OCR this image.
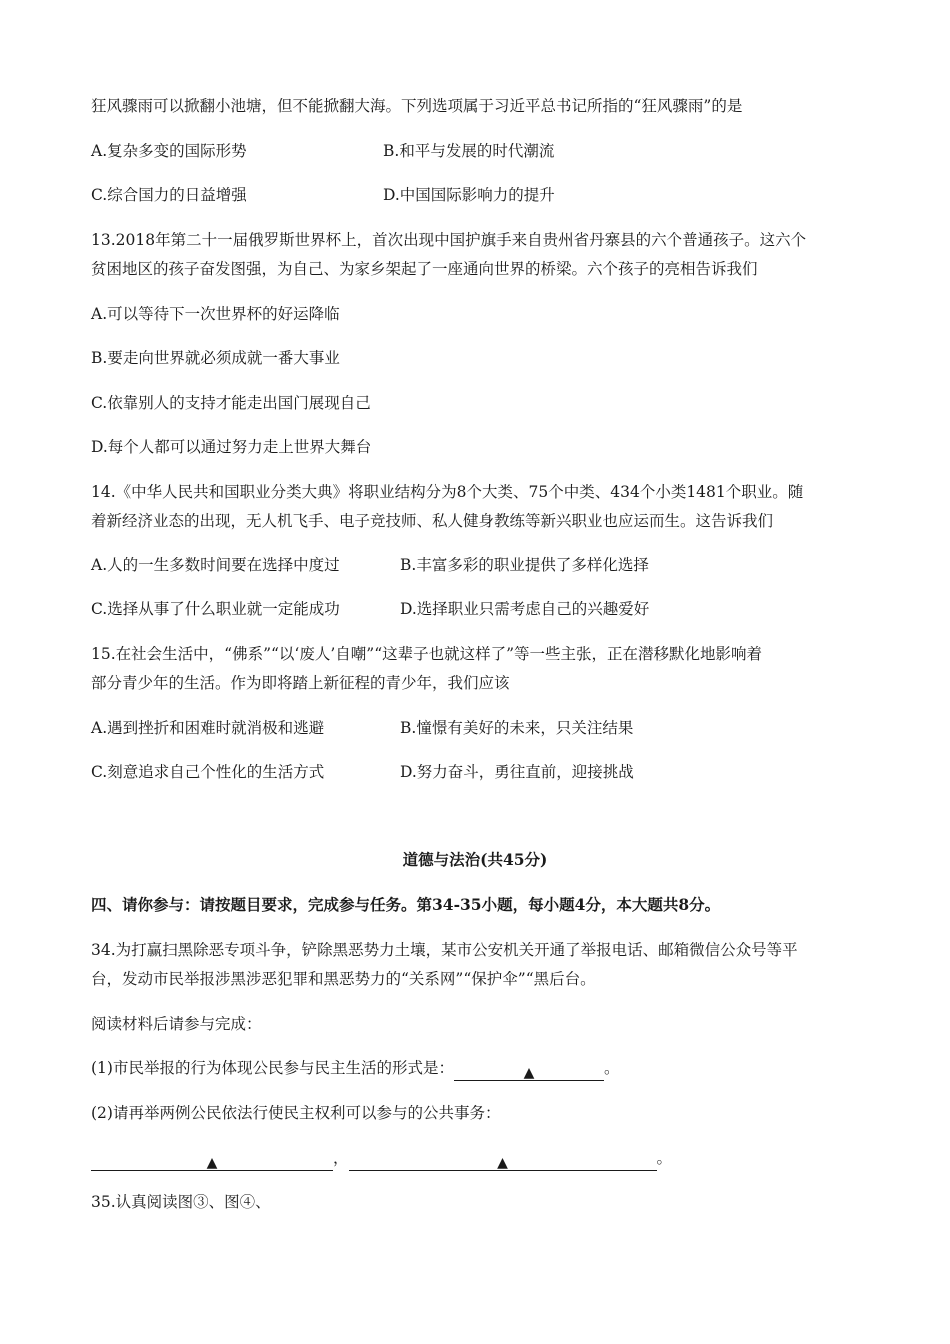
狂风骤雨可以掀翻小池塘，但不能掀翻大海。下列选项属于习近平总书记所指的“狂风骤雨”的是
A.复杂多变的国际形势	B.和平与发展的时代潮流
C.综合国力的日益增强	D.中国国际影响力的提升
13.2018年第二十一届俄罗斯世界杯上，首次出现中国护旗手来自贵州省丹寨县的六个普通孩子。这六个
贫困地区的孩子奋发图强，为自己、为家乡架起了一座通向世界的桥梁。六个孩子的亮相告诉我们
A.可以等待下一次世界杯的好运降临
B.要走向世界就必须成就一番大事业
C.依靠别人的支持才能走出国门展现自己
D.每个人都可以通过努力走上世界大舞台
14.《中华人民共和国职业分类大典》将职业结构分为8个大类、75个中类、434个小类1481个职业。随
着新经济业态的出现，无人机飞手、电子竞技师、私人健身教练等新兴职业也应运而生。这告诉我们
A.人的一生多数时间要在选择中度过	B.丰富多彩的职业提供了多样化选择
C.选择从事了什么职业就一定能成功	D.选择职业只需考虑自己的兴趣爱好
15.在社会生活中，“佛系”“以‘废人’自嘲”“这辈子也就这样了”等一些主张，正在潜移默化地影响着
部分青少年的生活。作为即将踏上新征程的青少年，我们应该
A.遇到挫折和困难时就消极和逃避	B.憧憬有美好的未来，只关注结果
C.刻意追求自己个性化的生活方式	D.努力奋斗，勇往直前，迎接挑战
道德与法治(共45分)
四、请你参与：请按题目要求，完成参与任务。第34-35小题，每小题4分，本大题共8分。
34.为打赢扫黑除恶专项斗争，铲除黑恶势力土壤，某市公安机关开通了举报电话、邮箱微信公众号等平
台，发动市民举报涉黑涉恶犯罪和黑恶势力的“关系网”“保护伞”“黑后台。
阅读材料后请参与完成：
(1)市民举报的行为体现公民参与民主生活的形式是：	▲	。
(2)请再举两例公民依法行使民主权利可以参与的公共事务：
▲	，	▲	。
35.认真阅读图③、图④、
